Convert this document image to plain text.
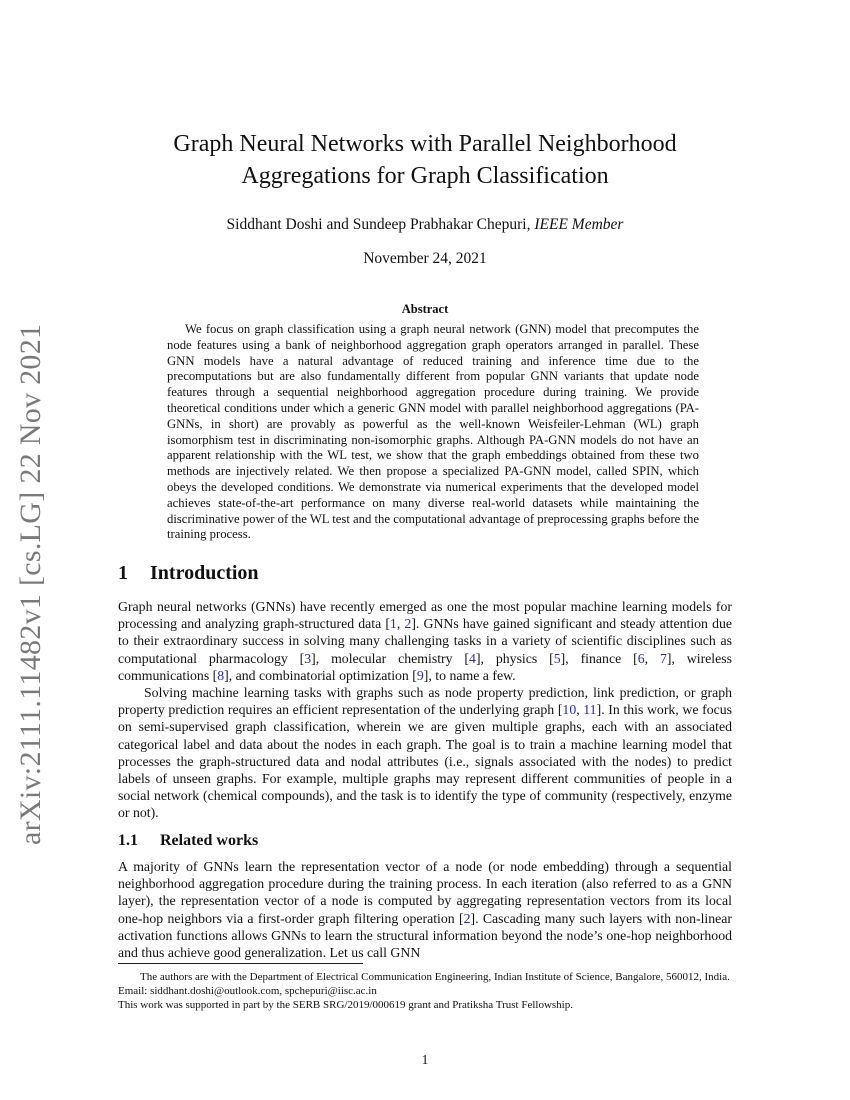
arXiv:2111.11482v1 [cs.LG] 22 Nov 2021
Graph Neural Networks with Parallel Neighborhood Aggregations for Graph Classification
Siddhant Doshi and Sundeep Prabhakar Chepuri, IEEE Member
November 24, 2021
Abstract
We focus on graph classification using a graph neural network (GNN) model that precomputes the node features using a bank of neighborhood aggregation graph operators arranged in parallel. These GNN models have a natural advantage of reduced training and inference time due to the precomputations but are also fundamentally different from popular GNN variants that update node features through a sequential neighborhood aggregation procedure during training. We provide theoretical conditions under which a generic GNN model with parallel neighborhood aggregations (PA-GNNs, in short) are provably as powerful as the well-known Weisfeiler-Lehman (WL) graph isomorphism test in discriminating non-isomorphic graphs. Although PA-GNN models do not have an apparent relationship with the WL test, we show that the graph embeddings obtained from these two methods are injectively related. We then propose a specialized PA-GNN model, called SPIN, which obeys the developed conditions. We demonstrate via numerical experiments that the developed model achieves state-of-the-art performance on many diverse real-world datasets while maintaining the discriminative power of the WL test and the computational advantage of preprocessing graphs before the training process.
1 Introduction
Graph neural networks (GNNs) have recently emerged as one the most popular machine learning models for processing and analyzing graph-structured data [1, 2]. GNNs have gained significant and steady attention due to their extraordinary success in solving many challenging tasks in a variety of scientific disciplines such as computational pharmacology [3], molecular chemistry [4], physics [5], finance [6, 7], wireless communications [8], and combinatorial optimization [9], to name a few.
Solving machine learning tasks with graphs such as node property prediction, link prediction, or graph property prediction requires an efficient representation of the underlying graph [10, 11]. In this work, we focus on semi-supervised graph classification, wherein we are given multiple graphs, each with an associated categorical label and data about the nodes in each graph. The goal is to train a machine learning model that processes the graph-structured data and nodal attributes (i.e., signals associated with the nodes) to predict labels of unseen graphs. For example, multiple graphs may represent different communities of people in a social network (chemical compounds), and the task is to identify the type of community (respectively, enzyme or not).
1.1 Related works
A majority of GNNs learn the representation vector of a node (or node embedding) through a sequential neighborhood aggregation procedure during the training process. In each iteration (also referred to as a GNN layer), the representation vector of a node is computed by aggregating representation vectors from its local one-hop neighbors via a first-order graph filtering operation [2]. Cascading many such layers with non-linear activation functions allows GNNs to learn the structural information beyond the node’s one-hop neighborhood and thus achieve good generalization. Let us call GNN
The authors are with the Department of Electrical Communication Engineering, Indian Institute of Science, Bangalore, 560012, India.
Email: siddhant.doshi@outlook.com, spchepuri@iisc.ac.in
This work was supported in part by the SERB SRG/2019/000619 grant and Pratiksha Trust Fellowship.
1
